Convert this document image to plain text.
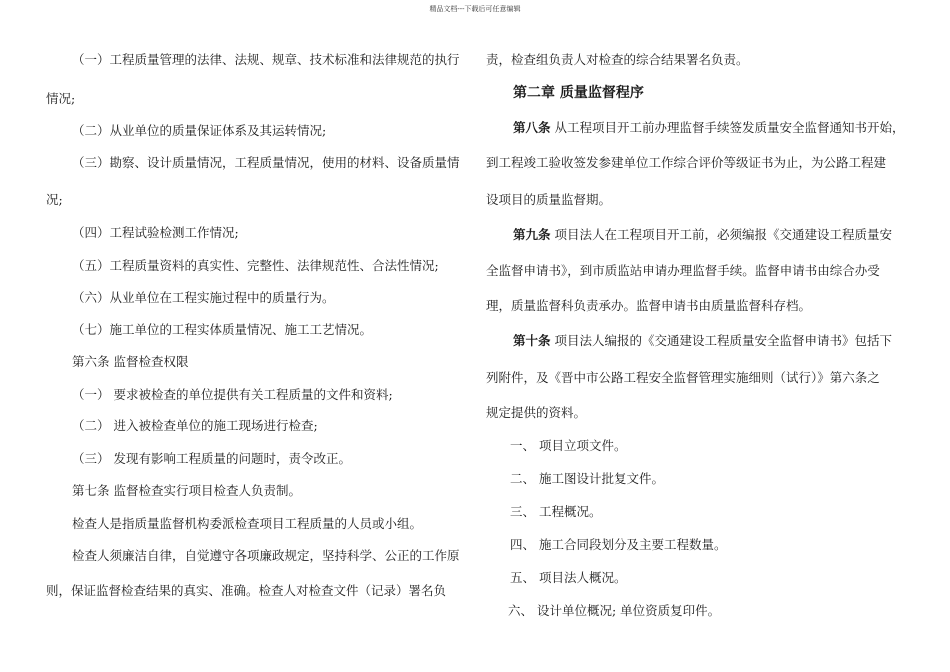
精品文档---下载后可任意编辑
（一）工程质量管理的法律、法规、规章、技术标准和法律规范的执行
情况;
（二）从业单位的质量保证体系及其运转情况;
（三）勘察、设计质量情况，工程质量情况，使用的材料、设备质量情
况;
（四）工程试验检测工作情况;
（五）工程质量资料的真实性、完整性、法律规范性、合法性情况;
（六）从业单位在工程实施过程中的质量行为。
（七）施工单位的工程实体质量情况、施工工艺情况。
第六条 监督检查权限
（一） 要求被检查的单位提供有关工程质量的文件和资料;
（二） 进入被检查单位的施工现场进行检查;
（三） 发现有影响工程质量的问题时，责令改正。
第七条 监督检查实行项目检查人负责制。
检查人是指质量监督机构委派检查项目工程质量的人员或小组。
检查人须廉洁自律，自觉遵守各项廉政规定，坚持科学、公正的工作原
则，保证监督检查结果的真实、准确。检查人对检查文件（记录）署名负
责，检查组负责人对检查的综合结果署名负责。
第二章 质量监督程序
第八条 从工程项目开工前办理监督手续签发质量安全监督通知书开始，
到工程竣工验收签发参建单位工作综合评价等级证书为止，为公路工程建
设项目的质量监督期。
第九条 项目法人在工程项目开工前，必须编报《交通建设工程质量安
全监督申请书》，到市质监站申请办理监督手续。监督申请书由综合办受
理，质量监督科负责承办。监督申请书由质量监督科存档。
第十条 项目法人编报的《交通建设工程质量安全监督申请书》包括下
列附件，及《晋中市公路工程安全监督管理实施细则（试行）》第六条之
规定提供的资料。
一、 项目立项文件。
二、 施工图设计批复文件。
三、 工程概况。
四、 施工合同段划分及主要工程数量。
五、 项目法人概况。
六、 设计单位概况; 单位资质复印件。
